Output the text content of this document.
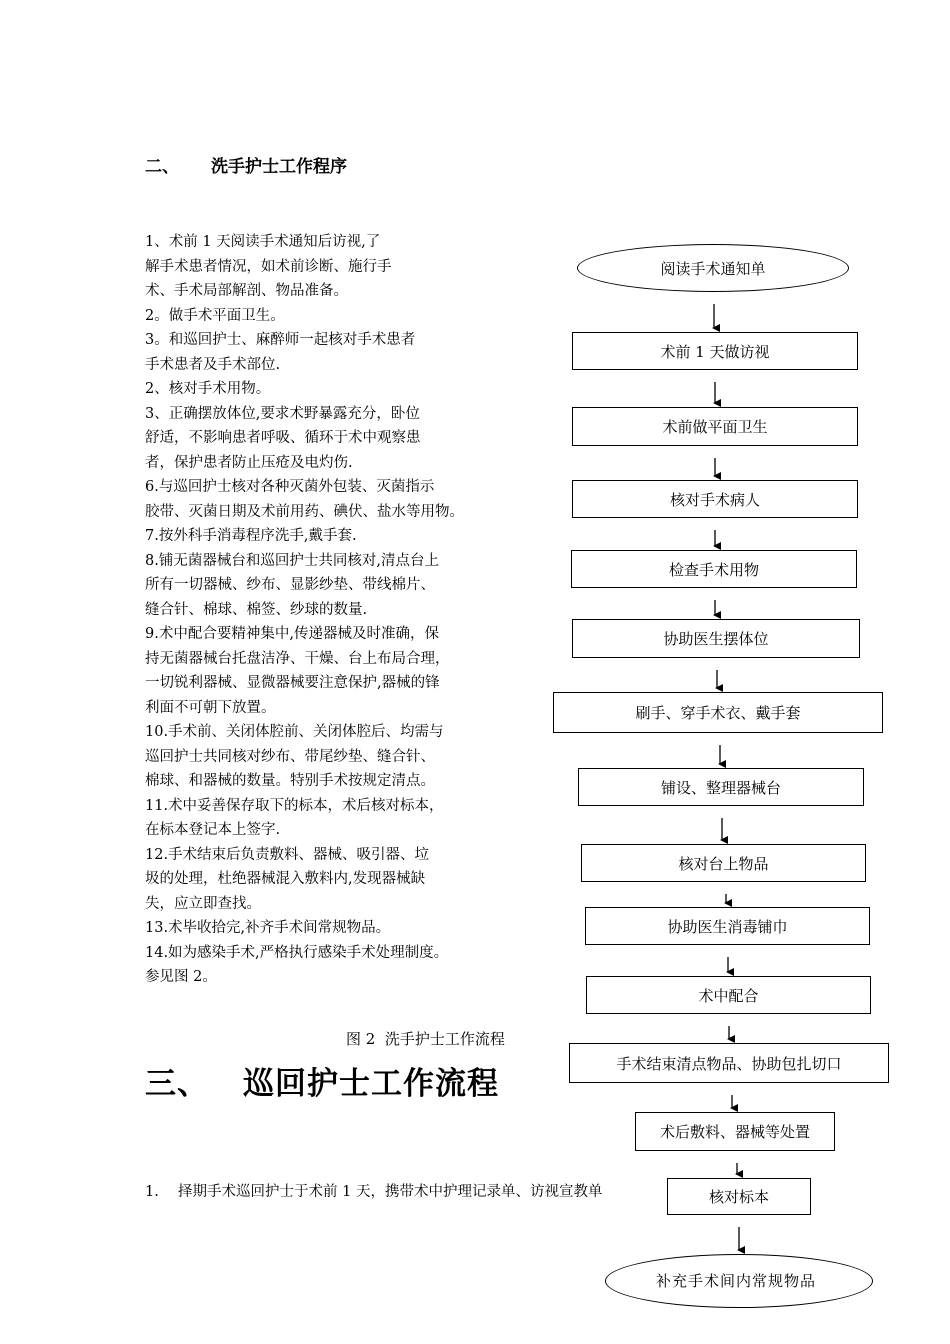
二、 洗手护士工作程序
1、术前 1 天阅读手术通知后访视,了
解手术患者情况，如术前诊断、施行手
术、手术局部解剖、物品准备。
2。做手术平面卫生。
3。和巡回护士、麻醉师一起核对手术患者
手术患者及手术部位.
2、核对手术用物。
3、正确摆放体位,要求术野暴露充分，卧位
舒适，不影响患者呼吸、循环于术中观察患
者，保护患者防止压疮及电灼伤.
6.与巡回护士核对各种灭菌外包装、灭菌指示
胶带、灭菌日期及术前用药、碘伏、盐水等用物。
7.按外科手消毒程序洗手,戴手套.
8.铺无菌器械台和巡回护士共同核对,清点台上
所有一切器械、纱布、显影纱垫、带线棉片、
缝合针、棉球、棉签、纱球的数量.
9.术中配合要精神集中,传递器械及时准确，保
持无菌器械台托盘洁净、干燥、台上布局合理，
一切锐利器械、显微器械要注意保护,器械的锋
利面不可朝下放置。
10.手术前、关闭体腔前、关闭体腔后、均需与
巡回护士共同核对纱布、带尾纱垫、缝合针、
棉球、和器械的数量。特别手术按规定清点。
11.术中妥善保存取下的标本，术后核对标本，
在标本登记本上签字.
12.手术结束后负责敷料、器械、吸引器、垃
圾的处理，杜绝器械混入敷料内,发现器械缺
失，应立即查找。
13.术毕收拾完,补齐手术间常规物品。
14.如为感染手术,严格执行感染手术处理制度。
参见图 2。
图 2  洗手护士工作流程
三、 巡回护士工作流程
1. 择期手术巡回护士于术前 1 天，携带术中护理记录单、访视宣教单
阅读手术通知单
术前 1 天做访视
术前做平面卫生
核对手术病人
检查手术用物
协助医生摆体位
刷手、穿手术衣、戴手套
铺设、整理器械台
核对台上物品
协助医生消毒铺巾
术中配合
手术结束清点物品、协助包扎切口
术后敷料、器械等处置
核对标本
补充手术间内常规物品
